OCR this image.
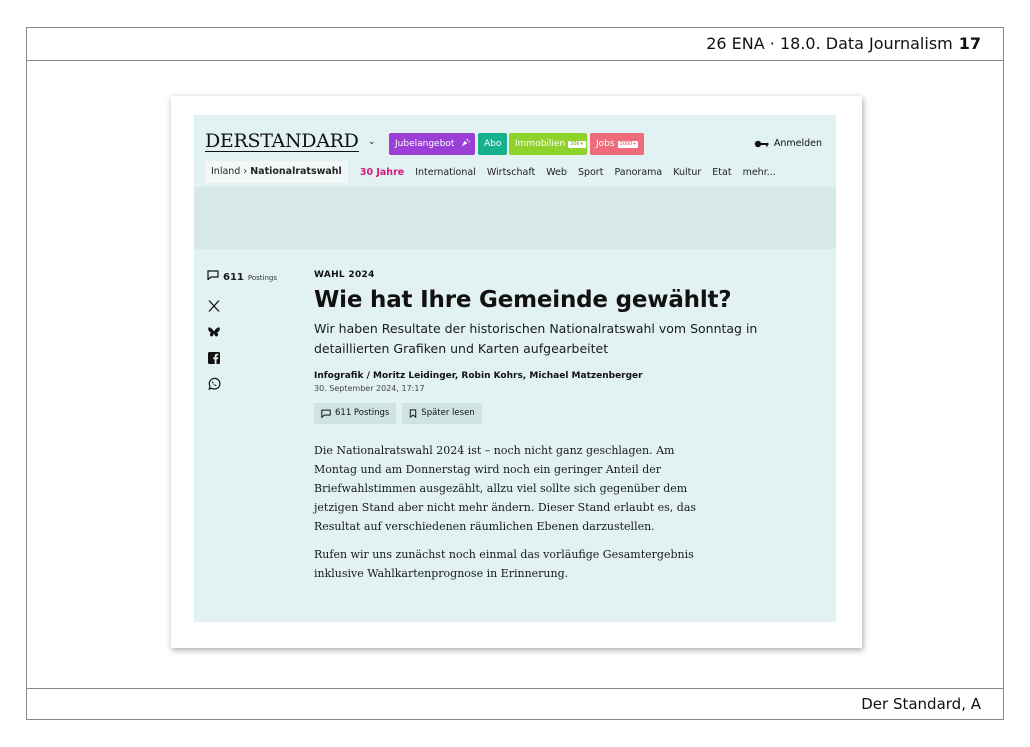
26 ENA · 18.0. Data Journalism 17
Der Standard, A
DERSTANDARD ⌄	Jubelangebot	Abo	Immobilien 30k+	Jobs 3000+	Anmelden
Inland › Nationalratswahl	30 Jahre International Wirtschaft Web Sport Panorama Kultur Etat mehr...
611 Postings	WAHL 2024
Wie hat Ihre Gemeinde gewählt?
Wir haben Resultate der historischen Nationalratswahl vom Sonntag in detaillierten Grafiken und Karten aufgearbeitet
Infografik / Moritz Leidinger, Robin Kohrs, Michael Matzenberger
30. September 2024, 17:17
611 Postings	Später lesen

Die Nationalratswahl 2024 ist – noch nicht ganz geschlagen. Am Montag und am Donnerstag wird noch ein geringer Anteil der Briefwahlstimmen ausgezählt, allzu viel sollte sich gegenüber dem jetzigen Stand aber nicht mehr ändern. Dieser Stand erlaubt es, das Resultat auf verschiedenen räumlichen Ebenen darzustellen.

Rufen wir uns zunächst noch einmal das vorläufige Gesamtergebnis inklusive Wahlkartenprognose in Erinnerung.
